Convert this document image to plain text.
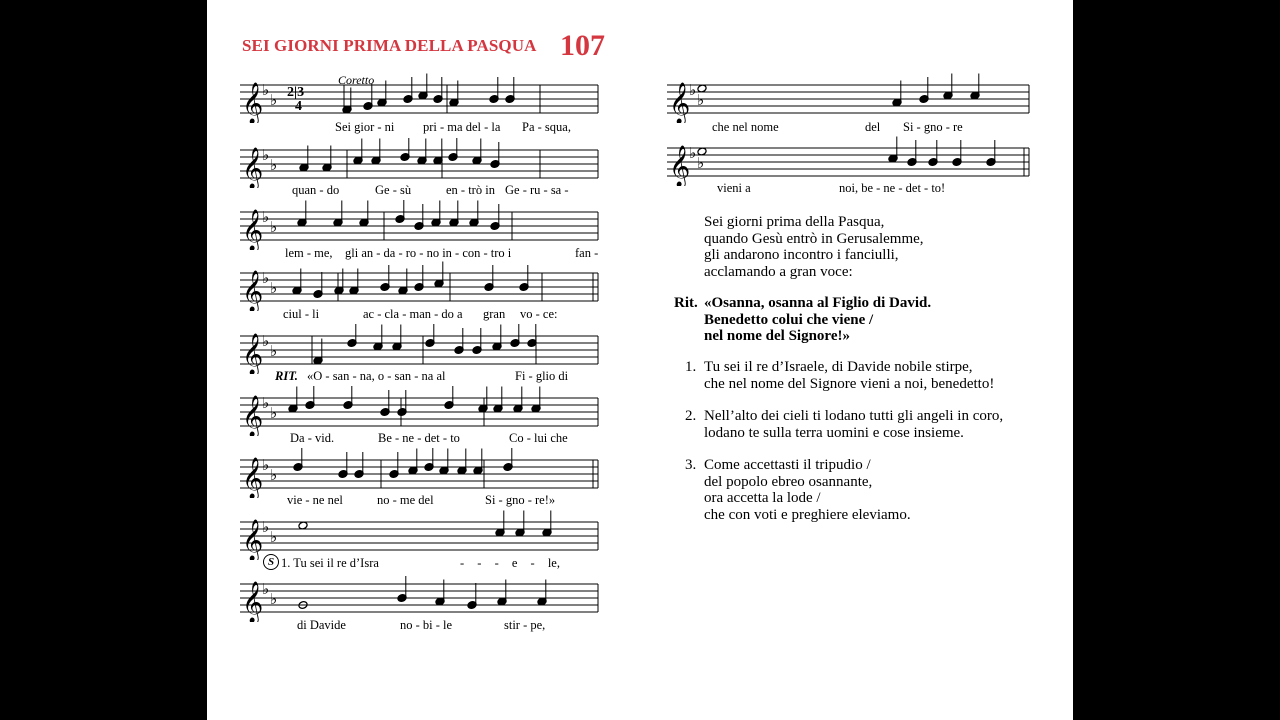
SEI GIORNI PRIMA DELLA PASQUA 107
Coretto
Sei gior - ni pri - ma del - la Pa - squa,
quan - do	Ge - sù	en - trò in Ge - ru - sa -
lem - me, gli an - da - ro - no in - con - tro i	fan -
ciul - li	ac - cla - man - do a gran vo - ce:
RIT. «O - san - na, o - san - na al	Fi - glio di
Da - vid.	Be - ne - det - to	Co - lui che
vie - ne nel	no - me del	Si - gno - re!»
S 1. Tu sei il re d’Isra	- - - e - le,
di Davide	no - bi - le	stir - pe,
che nel nome	del Si - gno - re
vieni a	noi, be - ne - det - to!
Sei giorni prima della Pasqua,
quando Gesù entrò in Gerusalemme,
gli andarono incontro i fanciulli,
acclamando a gran voce:
Rit. «Osanna, osanna al Figlio di David.
Benedetto colui che viene /
nel nome del Signore!»
1. Tu sei il re d’Israele, di Davide nobile stirpe,
che nel nome del Signore vieni a noi, benedetto!
2. Nell’alto dei cieli ti lodano tutti gli angeli in coro,
lodano te sulla terra uomini e cose insieme.
3. Come accettasti il tripudio /
del popolo ebreo osannante,
ora accetta la lode /
che con voti e preghiere eleviamo.
𝄞
♭
♭
𝄞
♭
♭
𝄞
♭
♭
𝄞
♭
♭
𝄞
♭
♭
𝄞
♭
♭
𝄞
♭
♭
𝄞
♭
♭
𝄞
♭
♭
𝄞
♭
♭
𝄞
♭
♭
2|3
4
